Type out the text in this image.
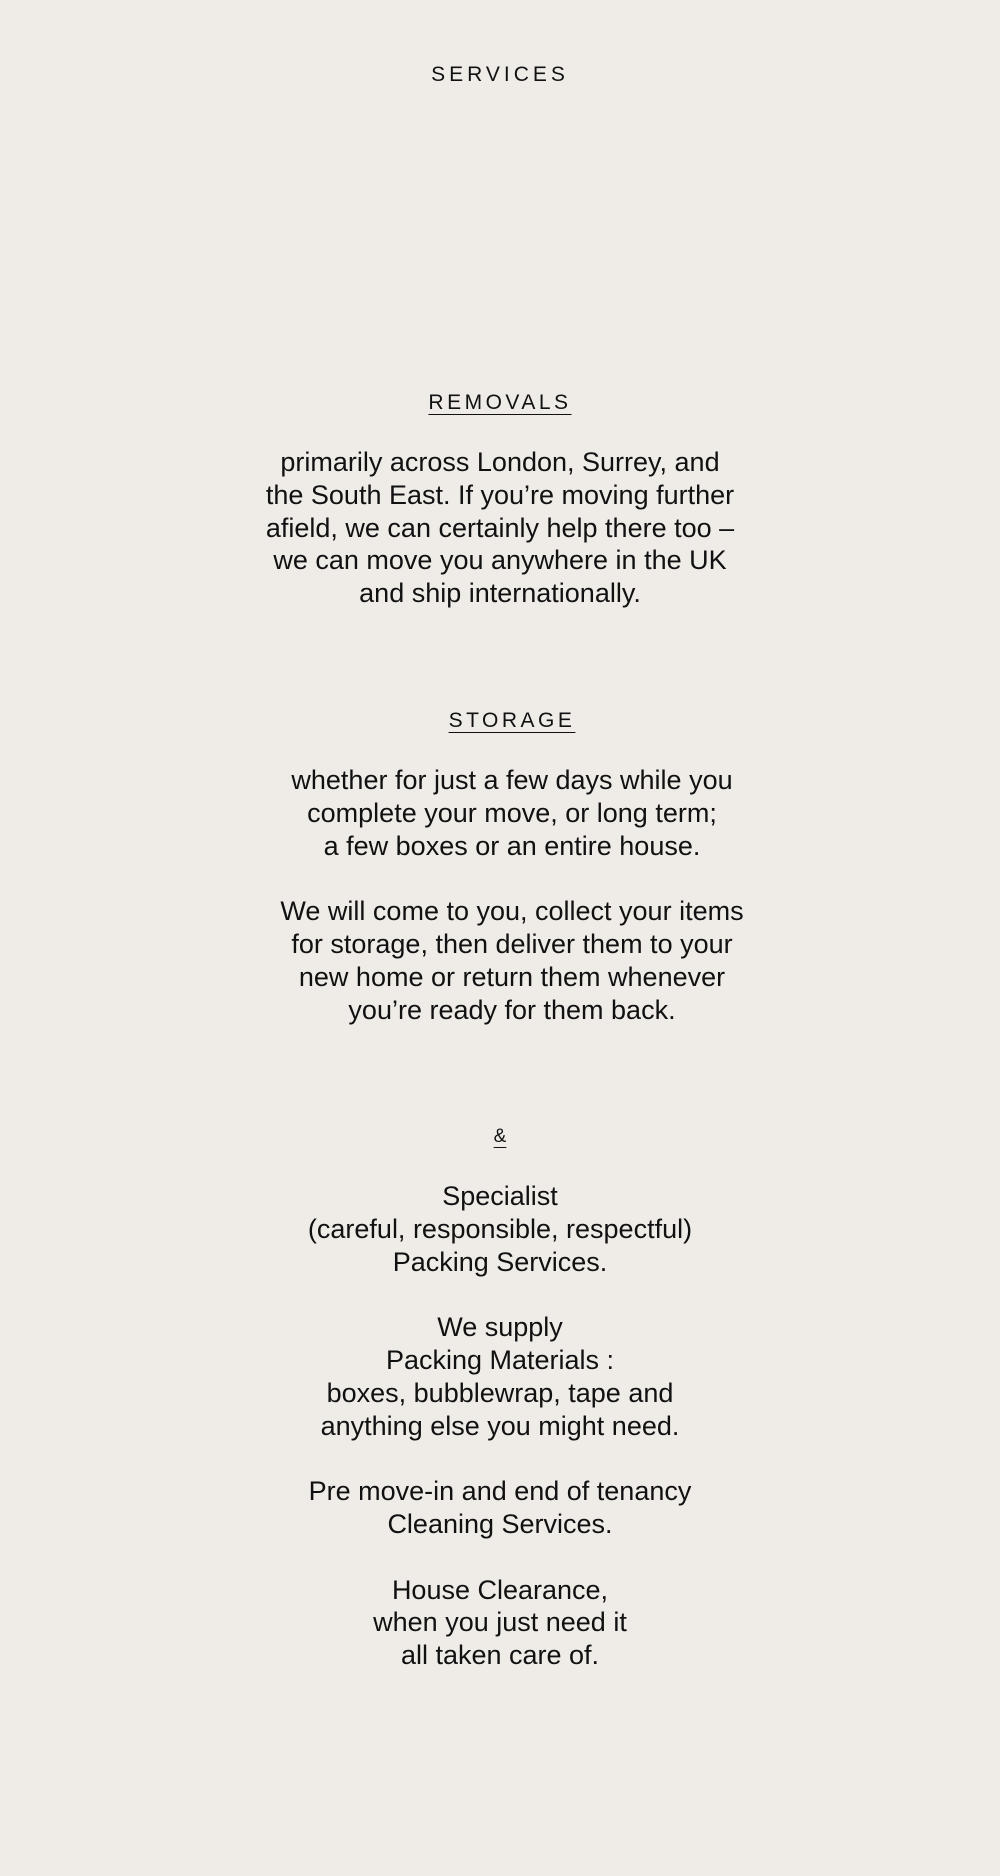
SERVICES
REMOVALS

primarily across London, Surrey, and
the South East. If you’re moving further
afield, we can certainly help there too –
we can move you anywhere in the UK
and ship internationally.

STORAGE

whether for just a few days while you
complete your move, or long term;
a few boxes or an entire house.

We will come to you, collect your items
for storage, then deliver them to your
new home or return them whenever
you’re ready for them back.

&

Specialist
(careful, responsible, respectful)
Packing Services.

We supply
Packing Materials :
boxes, bubblewrap, tape and
anything else you might need.

Pre move-in and end of tenancy
Cleaning Services.

House Clearance,
when you just need it
all taken care of.
